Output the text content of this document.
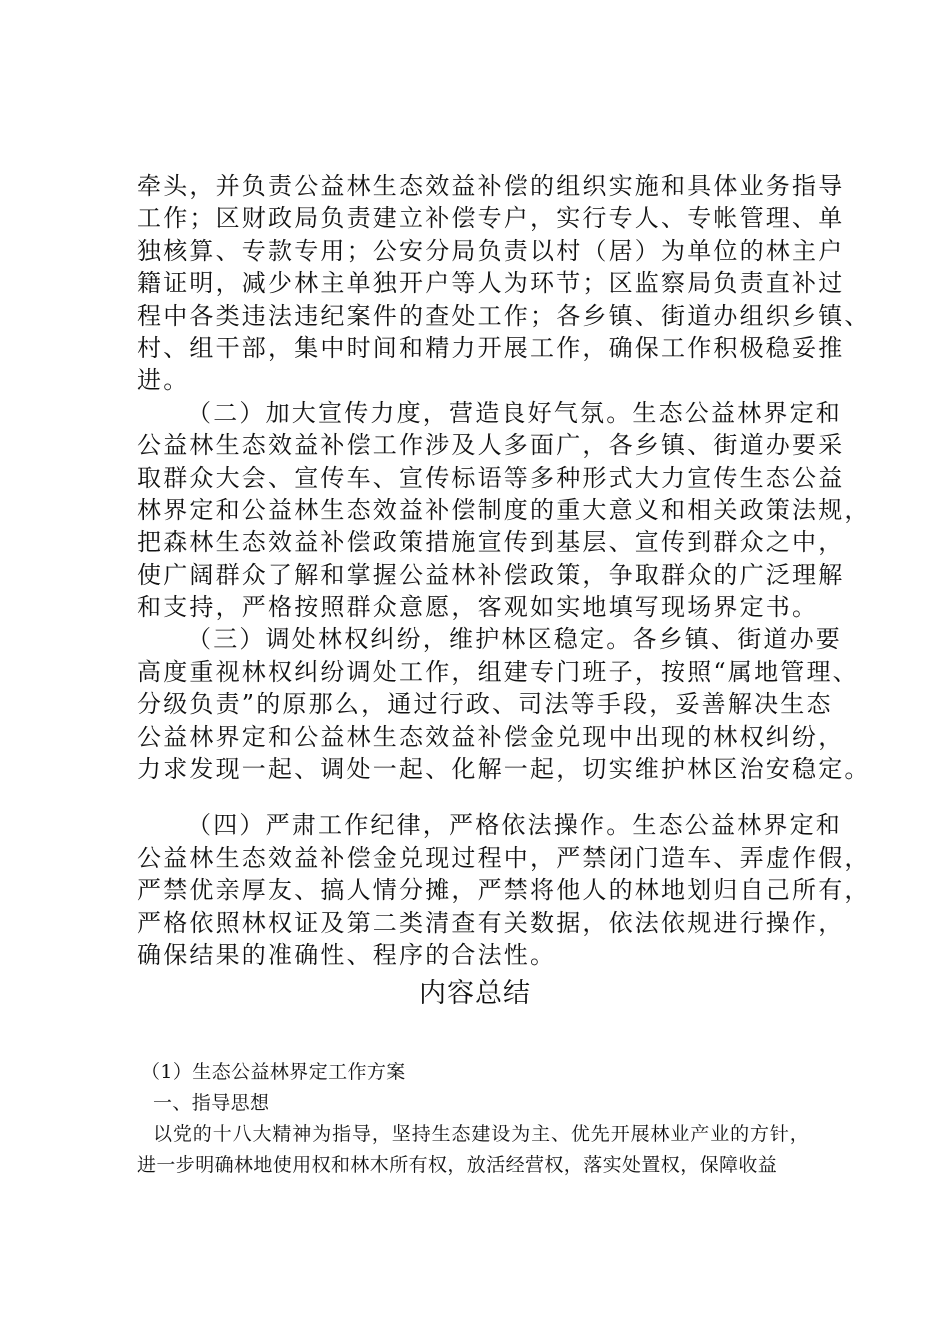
牵头，并负责公益林生态效益补偿的组织实施和具体业务指导
工作；区财政局负责建立补偿专户，实行专人、专帐管理、单
独核算、专款专用；公安分局负责以村（居）为单位的林主户
籍证明，减少林主单独开户等人为环节；区监察局负责直补过
程中各类违法违纪案件的查处工作；各乡镇、街道办组织乡镇、
村、组干部，集中时间和精力开展工作，确保工作积极稳妥推
进。
（二）加大宣传力度，营造良好气氛。生态公益林界定和
公益林生态效益补偿工作涉及人多面广，各乡镇、街道办要采
取群众大会、宣传车、宣传标语等多种形式大力宣传生态公益
林界定和公益林生态效益补偿制度的重大意义和相关政策法规，
把森林生态效益补偿政策措施宣传到基层、宣传到群众之中，
使广阔群众了解和掌握公益林补偿政策，争取群众的广泛理解
和支持，严格按照群众意愿，客观如实地填写现场界定书。
（三）调处林权纠纷，维护林区稳定。各乡镇、街道办要
高度重视林权纠纷调处工作，组建专门班子，按照“属地管理、
分级负责”的原那么，通过行政、司法等手段，妥善解决生态
公益林界定和公益林生态效益补偿金兑现中出现的林权纠纷，
力求发现一起、调处一起、化解一起，切实维护林区治安稳定。
（四）严肃工作纪律，严格依法操作。生态公益林界定和
公益林生态效益补偿金兑现过程中，严禁闭门造车、弄虚作假，
严禁优亲厚友、搞人情分摊，严禁将他人的林地划归自己所有，
严格依照林权证及第二类清查有关数据，依法依规进行操作，
确保结果的准确性、程序的合法性。
内容总结
（1）生态公益林界定工作方案
一、指导思想
以党的十八大精神为指导，坚持生态建设为主、优先开展林业产业的方针，
进一步明确林地使用权和林木所有权，放活经营权，落实处置权，保障收益
